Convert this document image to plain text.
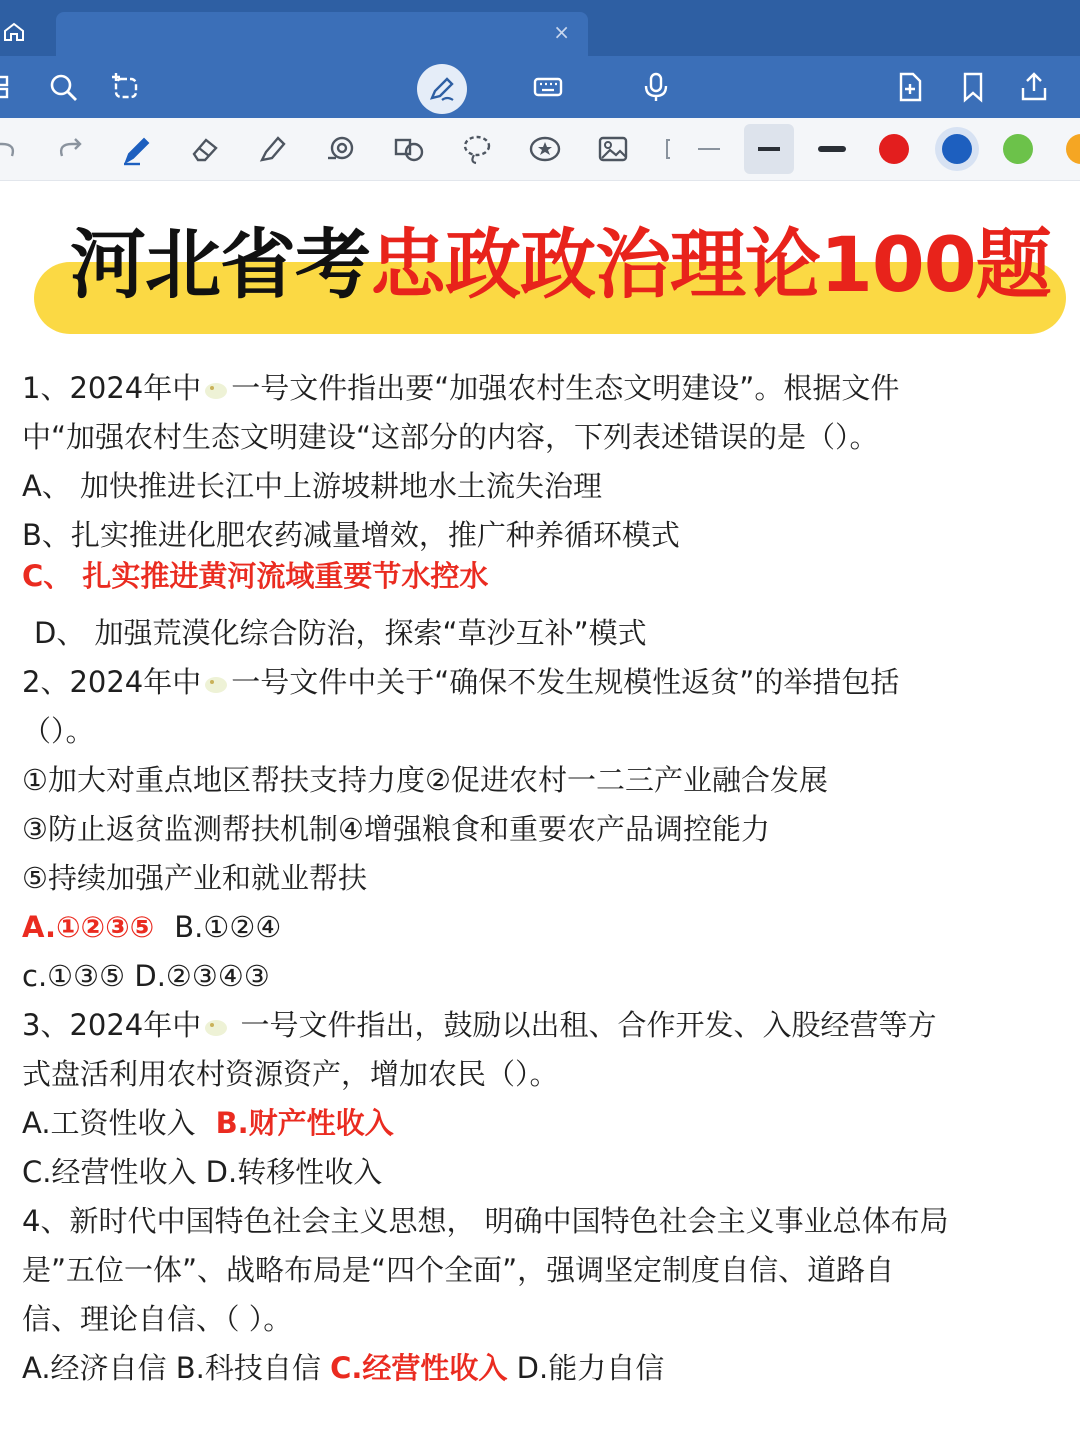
×
河北省考忠政政治理论100题
1、2024年中 一号文件指出要“加强农村生态文明建设”。根据文件
中“加强农村生态文明建设“这部分的内容，下列表述错误的是（）。
A、 加快推进长江中上游坡耕地水土流失治理
B、扎实推进化肥农药减量增效，推广种养循环模式
C、 扎实推进黄河流域重要节水控水
D、 加强荒漠化综合防治，探索“草沙互补”模式
2、2024年中 一号文件中关于“确保不发生规模性返贫”的举措包括
（）。
①加大对重点地区帮扶支持力度②促进农村一二三产业融合发展
③防止返贫监测帮扶机制④增强粮食和重要农产品调控能力
⑤持续加强产业和就业帮扶
A.①②③⑤ B.①②④
c.①③⑤ D.②③④③
3、2024年中 一号文件指出，鼓励以出租、合作开发、入股经营等方
式盘活利用农村资源资产，增加农民（）。
A.工资性收入 B.财产性收入
C.经营性收入 D.转移性收入
4、新时代中国特色社会主义思想， 明确中国特色社会主义事业总体布局
是”五位一体”、战略布局是“四个全面”，强调坚定制度自信、道路自
信、理论自信、（ ）。
A.经济自信 B.科技自信 C.经营性收入 D.能力自信
